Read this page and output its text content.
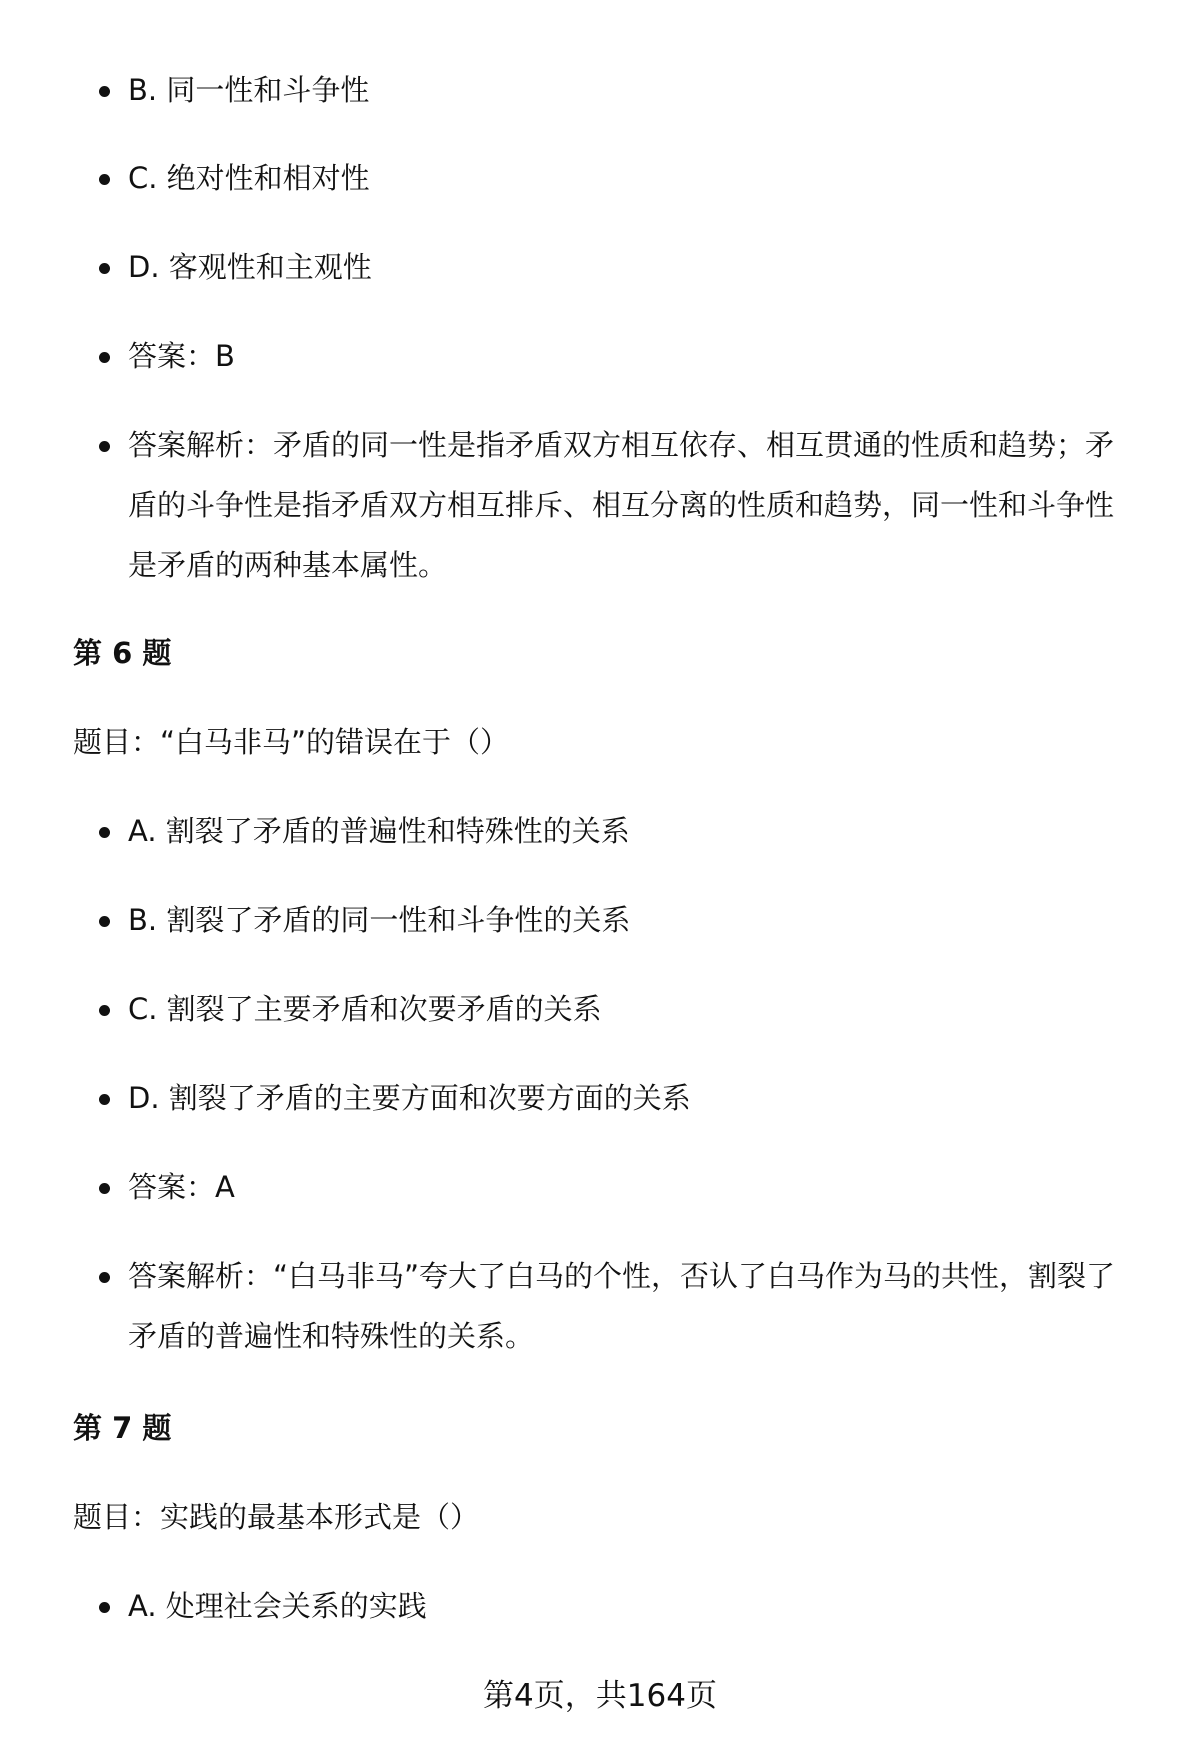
B. 同一性和斗争性
C. 绝对性和相对性
D. 客观性和主观性
答案：B
答案解析：矛盾的同一性是指矛盾双方相互依存、相互贯通的性质和趋势；矛盾的斗争性是指矛盾双方相互排斥、相互分离的性质和趋势，同一性和斗争性是矛盾的两种基本属性。
第 6 题
题目：“白马非马”的错误在于（）
A. 割裂了矛盾的普遍性和特殊性的关系
B. 割裂了矛盾的同一性和斗争性的关系
C. 割裂了主要矛盾和次要矛盾的关系
D. 割裂了矛盾的主要方面和次要方面的关系
答案：A
答案解析：“白马非马”夸大了白马的个性，否认了白马作为马的共性，割裂了矛盾的普遍性和特殊性的关系。
第 7 题
题目：实践的最基本形式是（）
A. 处理社会关系的实践
第4页，共164页
